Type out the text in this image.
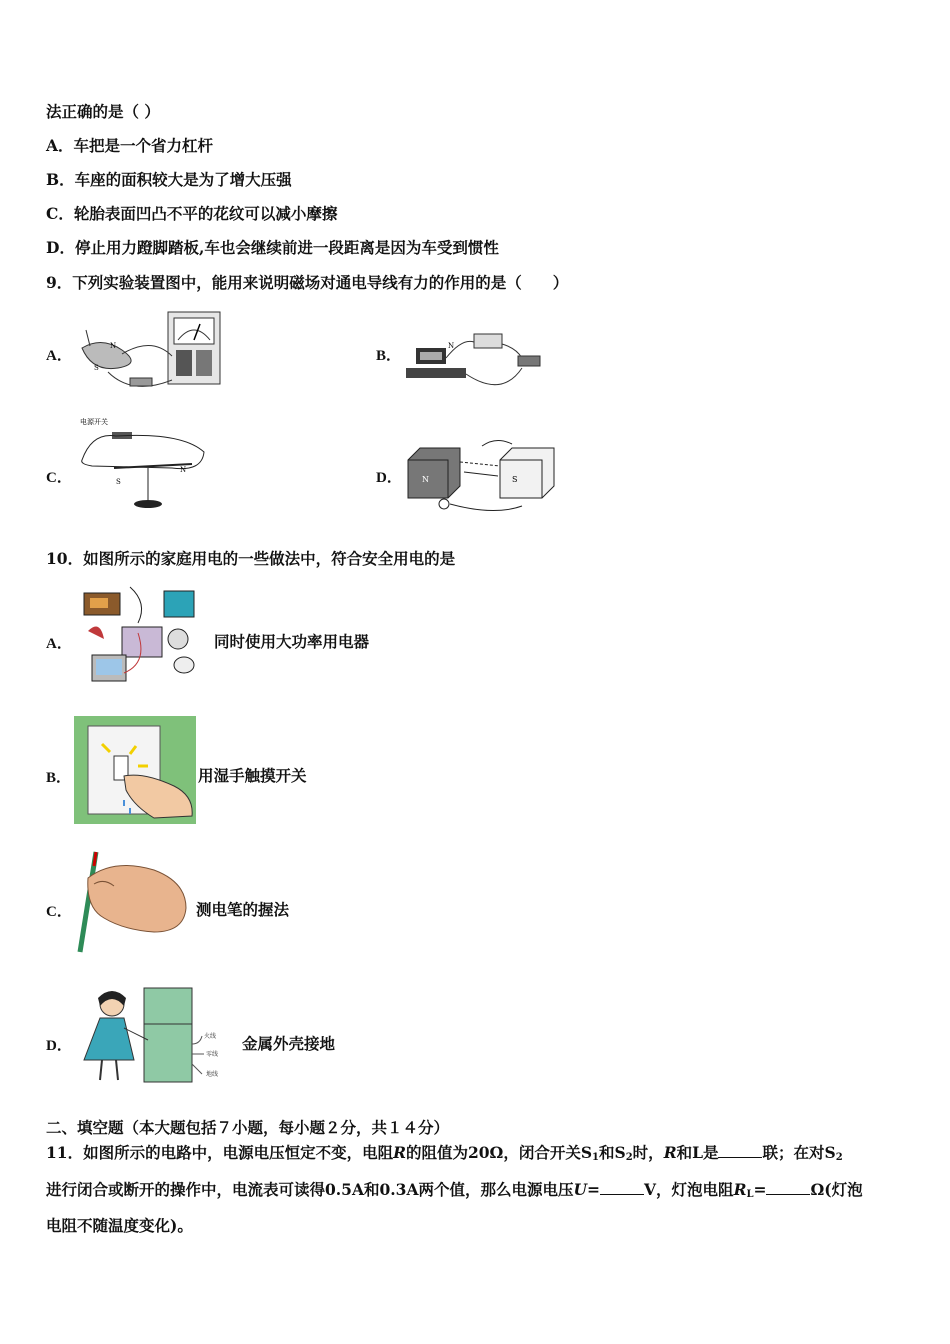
法正确的是（ ）
A．车把是一个省力杠杆
B．车座的面积较大是为了增大压强
C．轮胎表面凹凸不平的花纹可以减小摩擦
D．停止用力蹬脚踏板,车也会继续前进一段距离是因为车受到惯性
9．下列实验装置图中，能用来说明磁场对通电导线有力的作用的是（　　）
A．
N
S
B．
N
C．
电源开关
S
N	D．	N	S
10．如图所示的家庭用电的一些做法中，符合安全用电的是
A．	同时使用大功率用电器
B．	用湿手触摸开关
C．	测电笔的握法
D．
火线
零线
地线
金属外壳接地
二、填空题（本大题包括７小题，每小题２分，共１４分）
11．如图所示的电路中，电源电压恒定不变，电阻R的阻值为20Ω，闭合开关$S_1$和$S_2$时，R和L是	联；在对$S_2$
进行闭合或断开的操作中，电流表可读得0.5A和0.3A两个值，那么电源电压U=	V，灯泡电阻$R_L=$	Ω(灯泡
电阻不随温度变化)。
